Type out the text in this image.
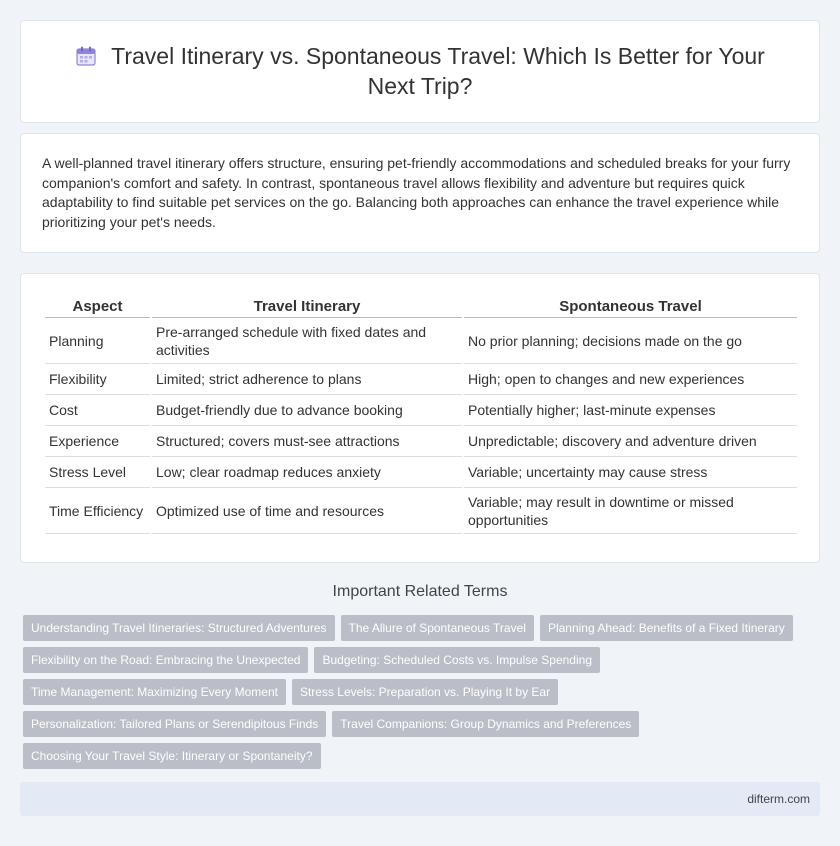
Travel Itinerary vs. Spontaneous Travel: Which Is Better for Your Next Trip?

A well-planned travel itinerary offers structure, ensuring pet-friendly accommodations and scheduled breaks for your furry companion's comfort and safety. In contrast, spontaneous travel allows flexibility and adventure but requires quick adaptability to find suitable pet services on the go. Balancing both approaches can enhance the travel experience while prioritizing your pet's needs.

Aspect	Travel Itinerary	Spontaneous Travel
Planning	Pre-arranged schedule with fixed dates and activities	No prior planning; decisions made on the go
Flexibility	Limited; strict adherence to plans	High; open to changes and new experiences
Cost	Budget-friendly due to advance booking	Potentially higher; last-minute expenses
Experience	Structured; covers must-see attractions	Unpredictable; discovery and adventure driven
Stress Level	Low; clear roadmap reduces anxiety	Variable; uncertainty may cause stress
Time Efficiency	Optimized use of time and resources	Variable; may result in downtime or missed opportunities
Important Related Terms
Understanding Travel Itineraries: Structured Adventures The Allure of Spontaneous Travel Planning Ahead: Benefits of a Fixed Itinerary
Flexibility on the Road: Embracing the Unexpected Budgeting: Scheduled Costs vs. Impulse Spending
Time Management: Maximizing Every Moment Stress Levels: Preparation vs. Playing It by Ear
Personalization: Tailored Plans or Serendipitous Finds Travel Companions: Group Dynamics and Preferences
Choosing Your Travel Style: Itinerary or Spontaneity?
difterm.com
